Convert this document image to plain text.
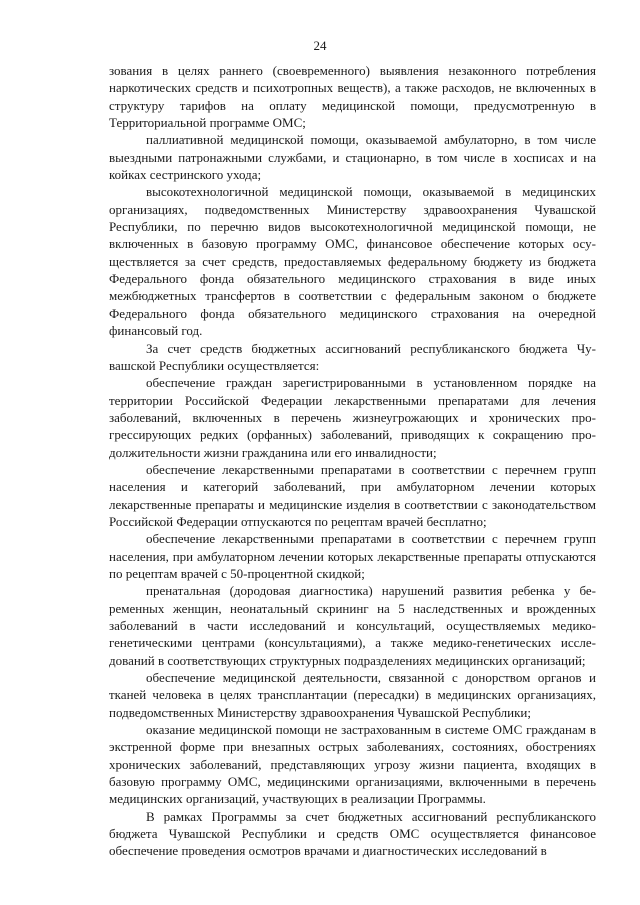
24

зования в целях раннего (своевременного) выявления незаконного потребления наркотических средств и психотропных веществ), а также расходов, не включенных в структуру тарифов на оплату медицинской помощи, предусмотренную в Территориальной программе ОМС;

паллиативной медицинской помощи, оказываемой амбулаторно, в том числе выездными патронажными службами, и стационарно, в том числе в хосписах и на койках сестринского ухода;

высокотехнологичной медицинской помощи, оказываемой в медицинских организациях, подведомственных Министерству здравоохранения Чувашской Республики, по перечню видов высокотехнологичной медицинской помощи, не включенных в базовую программу ОМС, финансовое обеспечение которых осуществляется за счет средств, предоставляемых федеральному бюджету из бюджета Федерального фонда обязательного медицинского страхования в виде иных межбюджетных трансфертов в соответствии с федеральным законом о бюджете Федерального фонда обязательного медицинского страхования на очередной финансовый год.

За счет средств бюджетных ассигнований республиканского бюджета Чувашской Республики осуществляется:

обеспечение граждан зарегистрированными в установленном порядке на территории Российской Федерации лекарственными препаратами для лечения заболеваний, включенных в перечень жизнеугрожающих и хронических прогрессирующих редких (орфанных) заболеваний, приводящих к сокращению продолжительности жизни гражданина или его инвалидности;

обеспечение лекарственными препаратами в соответствии с перечнем групп населения и категорий заболеваний, при амбулаторном лечении которых лекарственные препараты и медицинские изделия в соответствии с законодательством Российской Федерации отпускаются по рецептам врачей бесплатно;

обеспечение лекарственными препаратами в соответствии с перечнем групп населения, при амбулаторном лечении которых лекарственные препараты отпускаются по рецептам врачей с 50-процентной скидкой;

пренатальная (дородовая диагностика) нарушений развития ребенка у беременных женщин, неонатальный скрининг на 5 наследственных и врожденных заболеваний в части исследований и консультаций, осуществляемых медико-генетическими центрами (консультациями), а также медико-генетических исследований в соответствующих структурных подразделениях медицинских организаций;

обеспечение медицинской деятельности, связанной с донорством органов и тканей человека в целях трансплантации (пересадки) в медицинских организациях, подведомственных Министерству здравоохранения Чувашской Республики;

оказание медицинской помощи не застрахованным в системе ОМС гражданам в экстренной форме при внезапных острых заболеваниях, состояниях, обострениях хронических заболеваний, представляющих угрозу жизни пациента, входящих в базовую программу ОМС, медицинскими организациями, включенными в перечень медицинских организаций, участвующих в реализации Программы.

В рамках Программы за счет бюджетных ассигнований республиканского бюджета Чувашской Республики и средств ОМС осуществляется финансовое обеспечение проведения осмотров врачами и диагностических исследований в
